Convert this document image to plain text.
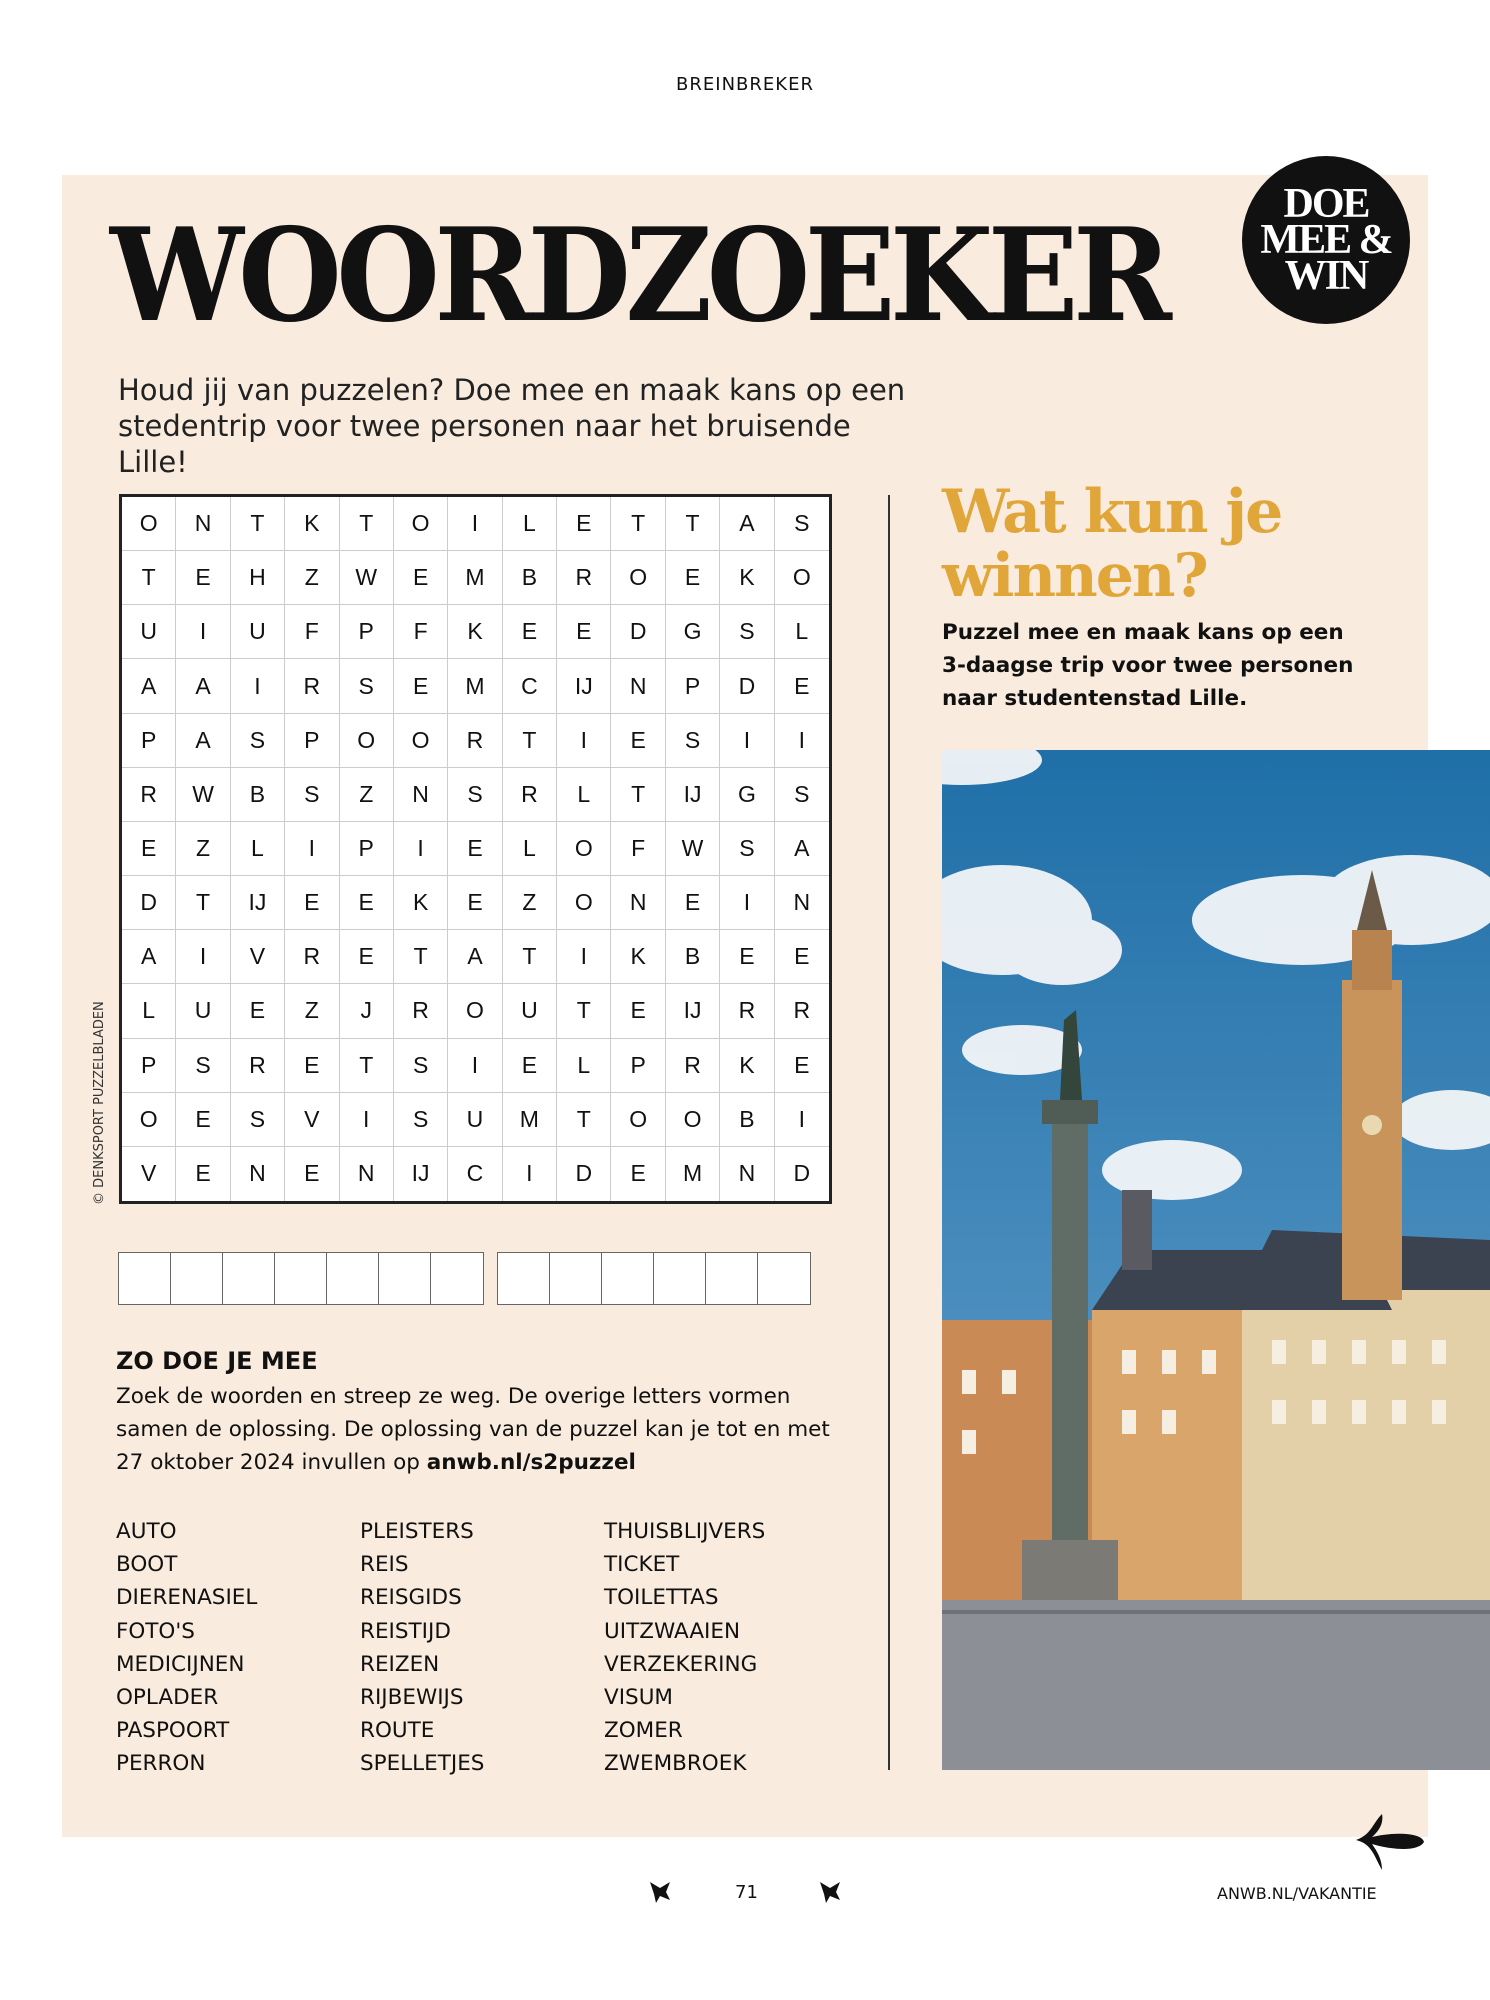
BREINBREKER
WOORDZOEKER	DOE
MEE &
WIN
Houd jij van puzzelen? Doe mee en maak kans op een stedentrip voor twee personen naar het bruisende Lille!
O	N	T	K	T	O	I	L	E	T	T	A	S
T	E	H	Z	W	E	M	B	R	O	E	K	O
U	I	U	F	P	F	K	E	E	D	G	S	L
A	A	I	R	S	E	M	C	IJ	N	P	D	E
P	A	S	P	O	O	R	T	I	E	S	I	I
R	W	B	S	Z	N	S	R	L	T	IJ	G	S
E	Z	L	I	P	I	E	L	O	F	W	S	A
D	T	IJ	E	E	K	E	Z	O	N	E	I	N
A	I	V	R	E	T	A	T	I	K	B	E	E
L	U	E	Z	J	R	O	U	T	E	IJ	R	R
P	S	R	E	T	S	I	E	L	P	R	K	E
O	E	S	V	I	S	U	M	T	O	O	B	I
V	E	N	E	N	IJ	C	I	D	E	M	N	D
© DENKSPORT PUZZELBLADEN
ZO DOE JE MEE
Zoek de woorden en streep ze weg. De overige letters vormen samen de oplossing. De oplossing van de puzzel kan je tot en met 27 oktober 2024 invullen op anwb.nl/s2puzzel
AUTO
BOOT
DIERENASIEL
FOTO'S
MEDICIJNEN
OPLADER
PASPOORT
PERRON
PLEISTERS
REIS
REISGIDS
REISTIJD
REIZEN
RIJBEWIJS
ROUTE
SPELLETJES
THUISBLIJVERS
TICKET
TOILETTAS
UITZWAAIEN
VERZEKERING
VISUM
ZOMER
ZWEMBROEK
Wat kun je
winnen?
Puzzel mee en maak kans op een 3-daagse trip voor twee personen naar studentenstad Lille.
71	ANWB.NL/VAKANTIE
